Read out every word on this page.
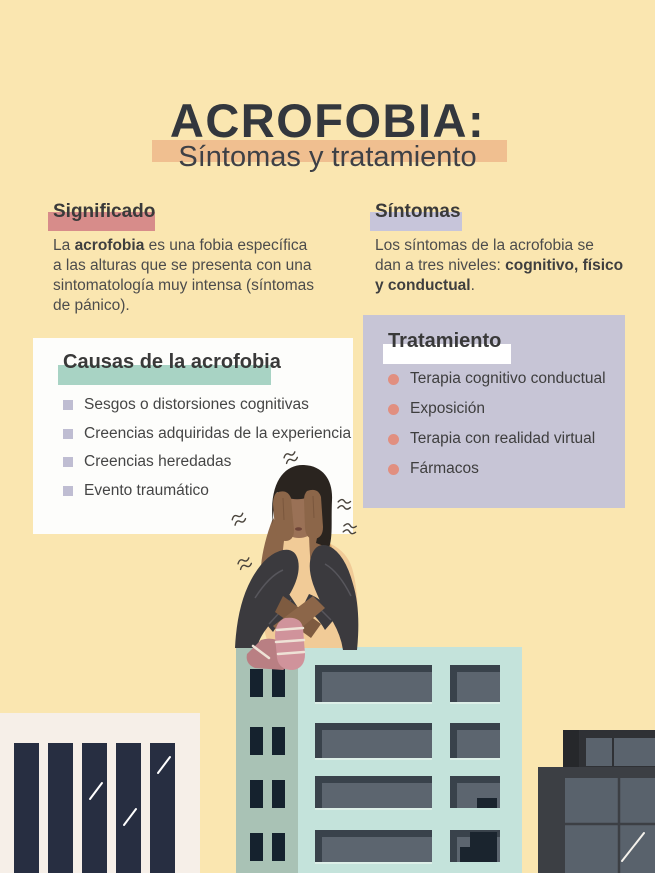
ACROFOBIA:
Síntomas y tratamiento
Significado
La acrofobia es una fobia específica
a las alturas que se presenta con una
sintomatología muy intensa (síntomas
de pánico).
Síntomas
Los síntomas de la acrofobia se
dan a tres niveles: cognitivo, físico
y conductual.
Causas de la acrofobia
Sesgos o distorsiones cognitivas
Creencias adquiridas de la experiencia
Creencias heredadas
Evento traumático
Tratamiento
Terapia cognitivo conductual
Exposición
Terapia con realidad virtual
Fármacos
